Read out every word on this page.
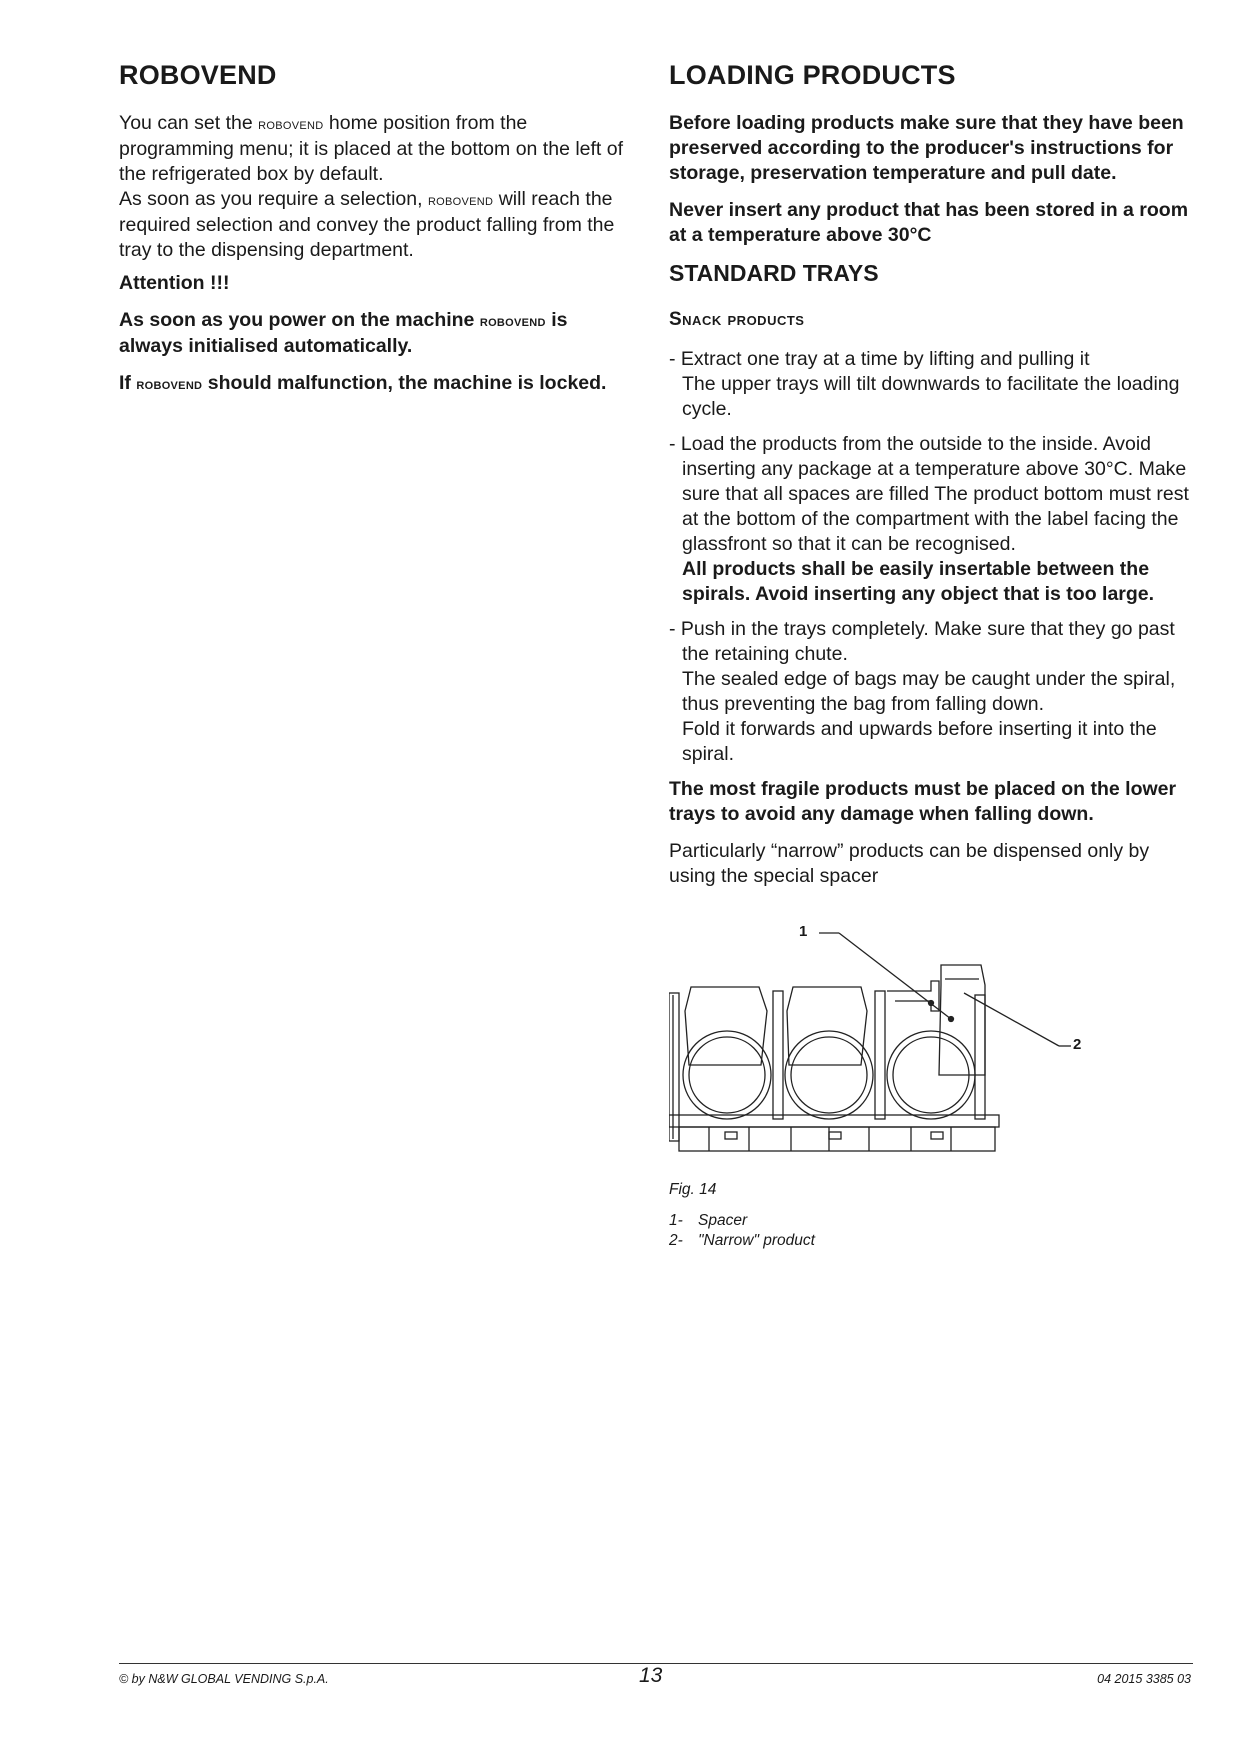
ROBOVEND

You can set the robovend home position from the programming menu; it is placed at the bottom on the left of the refrigerated box by default.
As soon as you require a selection, robovend will reach the required selection and convey the product falling from the tray to the dispensing department.

Attention !!!

As soon as you power on the machine robovend is always initialised automatically.

If robovend should malfunction, the machine is locked.

LOADING PRODUCTS

Before loading products make sure that they have been preserved according to the producer's instructions for storage, preservation temperature and pull date.

Never insert any product that has been stored in a room at a temperature above 30°C

STANDARD TRAYS
Snack products
- Extract one tray at a time by lifting and pulling it
The upper trays will tilt downwards to facilitate the loading cycle.
- Load the products from the outside to the inside. Avoid inserting any package at a temperature above 30°C. Make sure that all spaces are filled The product bottom must rest at the bottom of the compartment with the label facing the glassfront so that it can be recognised.
All products shall be easily insertable between the spirals. Avoid inserting any object that is too large.
- Push in the trays completely. Make sure that they go past the retaining chute.
The sealed edge of bags may be caught under the spiral, thus preventing the bag from falling down.
Fold it forwards and upwards before inserting it into the spiral.

The most fragile products must be placed on the lower trays to avoid any damage when falling down.

Particularly “narrow” products can be dispensed only by using the special spacer

1
2
Fig. 14
1- Spacer
2- "Narrow" product
© by N&W GLOBAL VENDING S.p.A.	13	04 2015 3385 03
